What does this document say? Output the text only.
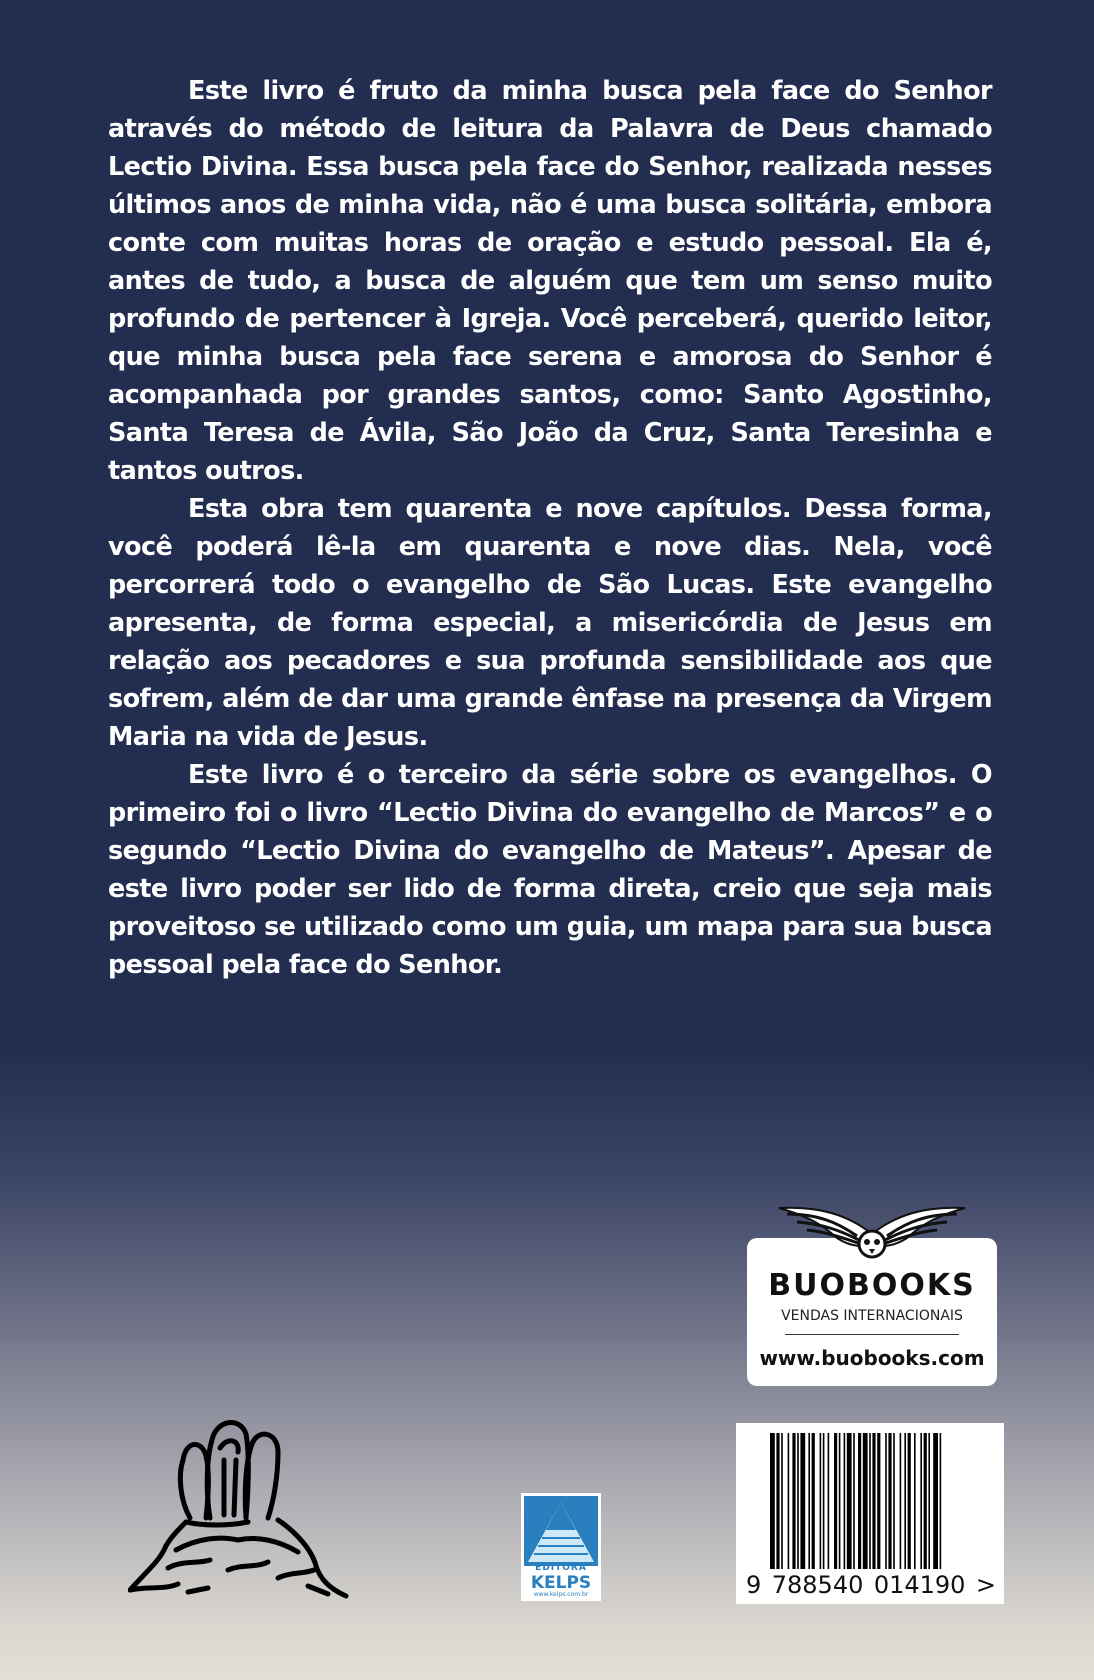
Este livro é fruto da minha busca pela face do Senhor através do método de leitura da Palavra de Deus chamado Lectio Divina. Essa busca pela face do Senhor, realizada nesses últimos anos de minha vida, não é uma busca solitária, embora conte com muitas horas de oração e estudo pessoal. Ela é, antes de tudo, a busca de alguém que tem um senso muito profundo de pertencer à Igreja. Você perceberá, querido leitor, que minha busca pela face serena e amorosa do Senhor é acompanhada por grandes santos, como: Santo Agostinho, Santa Teresa de Ávila, São João da Cruz, Santa Teresinha e tantos outros.

Esta obra tem quarenta e nove capítulos. Dessa forma, você poderá lê-la em quarenta e nove dias. Nela, você percorrerá todo o evangelho de São Lucas. Este evangelho apresenta, de forma especial, a misericórdia de Jesus em relação aos pecadores e sua profunda sensibilidade aos que sofrem, além de dar uma grande ênfase na presença da Virgem Maria na vida de Jesus.

Este livro é o terceiro da série sobre os evangelhos. O primeiro foi o livro “Lectio Divina do evangelho de Marcos” e o segundo “Lectio Divina do evangelho de Mateus”. Apesar de este livro poder ser lido de forma direta, creio que seja mais proveitoso se utilizado como um guia, um mapa para sua busca pessoal pela face do Senhor.

BUOBOOKS
VENDAS INTERNACIONAIS
www.buobooks.com
EDITORA
KELPS
www.kelps.com.br	9 788540 014190 >
